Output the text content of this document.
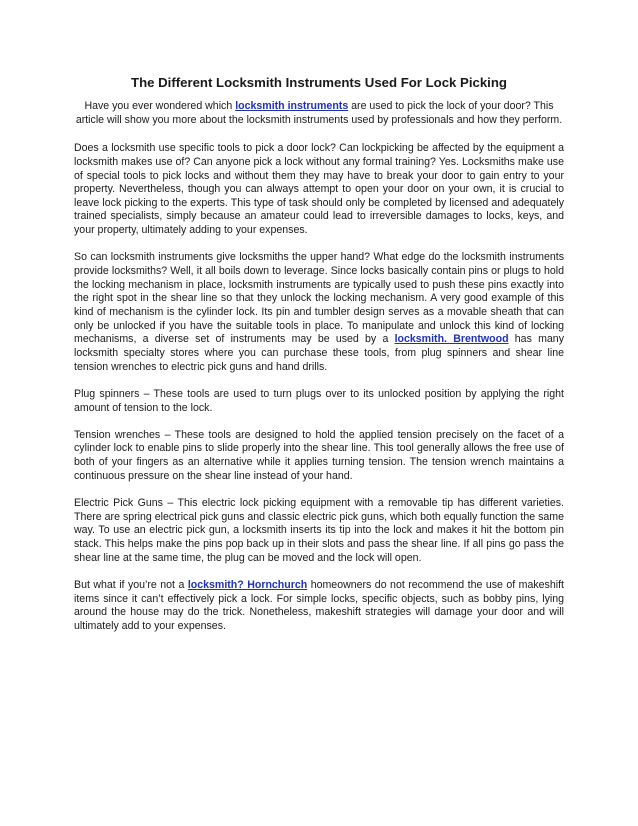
The Different Locksmith Instruments Used For Lock Picking

Have you ever wondered which locksmith instruments are used to pick the lock of your door? This article will show you more about the locksmith instruments used by professionals and how they perform.

Does a locksmith use specific tools to pick a door lock? Can lockpicking be affected by the equipment a locksmith makes use of? Can anyone pick a lock without any formal training? Yes. Locksmiths make use of special tools to pick locks and without them they may have to break your door to gain entry to your property. Nevertheless, though you can always attempt to open your door on your own, it is crucial to leave lock picking to the experts. This type of task should only be completed by licensed and adequately trained specialists, simply because an amateur could lead to irreversible damages to locks, keys, and your property, ultimately adding to your expenses.

So can locksmith instruments give locksmiths the upper hand? What edge do the locksmith instruments provide locksmiths? Well, it all boils down to leverage. Since locks basically contain pins or plugs to hold the locking mechanism in place, locksmith instruments are typically used to push these pins exactly into the right spot in the shear line so that they unlock the locking mechanism. A very good example of this kind of mechanism is the cylinder lock. Its pin and tumbler design serves as a movable sheath that can only be unlocked if you have the suitable tools in place. To manipulate and unlock this kind of locking mechanisms, a diverse set of instruments may be used by a locksmith. Brentwood has many locksmith specialty stores where you can purchase these tools, from plug spinners and shear line tension wrenches to electric pick guns and hand drills.

Plug spinners – These tools are used to turn plugs over to its unlocked position by applying the right amount of tension to the lock.

Tension wrenches – These tools are designed to hold the applied tension precisely on the facet of a cylinder lock to enable pins to slide properly into the shear line. This tool generally allows the free use of both of your fingers as an alternative while it applies turning tension. The tension wrench maintains a continuous pressure on the shear line instead of your hand.

Electric Pick Guns – This electric lock picking equipment with a removable tip has different varieties. There are spring electrical pick guns and classic electric pick guns, which both equally function the same way. To use an electric pick gun, a locksmith inserts its tip into the lock and makes it hit the bottom pin stack. This helps make the pins pop back up in their slots and pass the shear line. If all pins go pass the shear line at the same time, the plug can be moved and the lock will open.

But what if you’re not a locksmith? Hornchurch homeowners do not recommend the use of makeshift items since it can’t effectively pick a lock. For simple locks, specific objects, such as bobby pins, lying around the house may do the trick. Nonetheless, makeshift strategies will damage your door and will ultimately add to your expenses.
